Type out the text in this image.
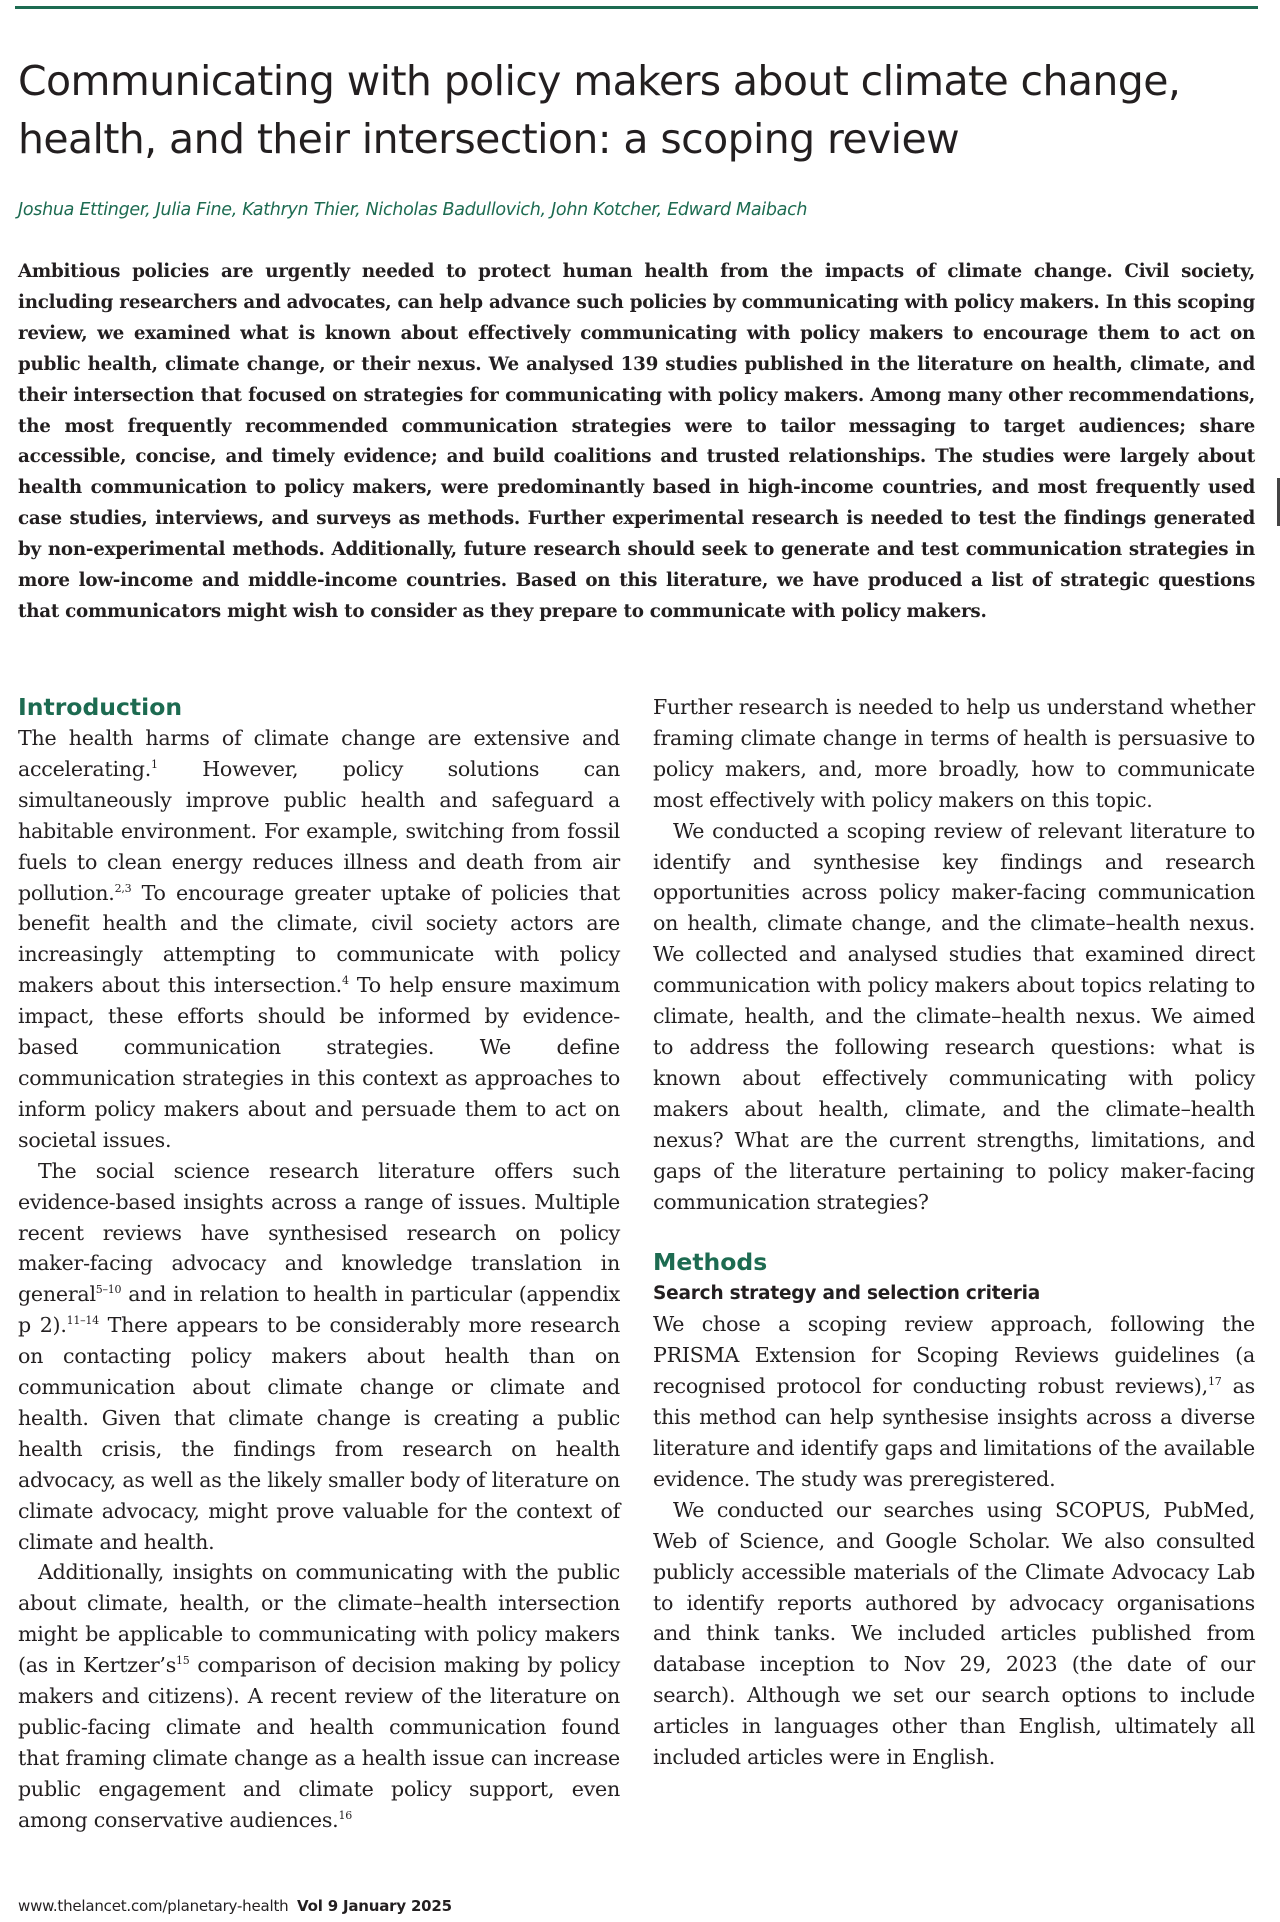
Communicating with policy makers about climate change, health, and their intersection: a scoping review
Joshua Ettinger, Julia Fine, Kathryn Thier, Nicholas Badullovich, John Kotcher, Edward Maibach

Ambitious policies are urgently needed to protect human health from the impacts of climate change. Civil society, including researchers and advocates, can help advance such policies by communicating with policy makers. In this scoping review, we examined what is known about effectively communicating with policy makers to encourage them to act on public health, climate change, or their nexus. We analysed 139 studies published in the literature on health, climate, and their intersection that focused on strategies for communicating with policy makers. Among many other recommendations, the most frequently recommended communication strategies were to tailor messaging to target audiences; share accessible, concise, and timely evidence; and build coalitions and trusted relationships. The studies were largely about health communication to policy makers, were predominantly based in high-income countries, and most frequently used case studies, interviews, and surveys as methods. Further experimental research is needed to test the findings generated by non-experimental methods. Additionally, future research should seek to generate and test communication strategies in more low-income and middle-income countries. Based on this literature, we have produced a list of strategic questions that communicators might wish to consider as they prepare to communicate with policy makers.

Introduction

The health harms of climate change are extensive and accelerating.$^1$ However, policy solutions can simultaneously improve public health and safeguard a habitable environment. For example, switching from fossil fuels to clean energy reduces illness and death from air pollution.$^{2,3}$ To encourage greater uptake of policies that benefit health and the climate, civil society actors are increasingly attempting to communicate with policy makers about this intersection.$^4$ To help ensure maximum impact, these efforts should be informed by evidence-based communication strategies. We define communication strategies in this context as approaches to inform policy makers about and persuade them to act on societal issues.

The social science research literature offers such evidence-based insights across a range of issues. Multiple recent reviews have synthesised research on policy maker-facing advocacy and knowledge translation in general$^{5-10}$ and in relation to health in particular (appendix p 2).$^{11-14}$ There appears to be considerably more research on contacting policy makers about health than on communication about climate change or climate and health. Given that climate change is creating a public health crisis, the findings from research on health advocacy, as well as the likely smaller body of literature on climate advocacy, might prove valuable for the context of climate and health.

Additionally, insights on communicating with the public about climate, health, or the climate–health intersection might be applicable to communicating with policy makers (as in $Kertzer’s^{15}$ comparison of decision making by policy makers and citizens). A recent review of the literature on public-facing climate and health communication found that framing climate change as a health issue can increase public engagement and climate policy support, even among conservative audiences.$^{16}$

Further research is needed to help us understand whether framing climate change in terms of health is persuasive to policy makers, and, more broadly, how to communicate most effectively with policy makers on this topic.

We conducted a scoping review of relevant literature to identify and synthesise key findings and research opportunities across policy maker-facing communication on health, climate change, and the climate–health nexus. We collected and analysed studies that examined direct communication with policy makers about topics relating to climate, health, and the climate–health nexus. We aimed to address the following research questions: what is known about effectively communicating with policy makers about health, climate, and the climate–health nexus? What are the current strengths, limitations, and gaps of the literature pertaining to policy maker-facing communication strategies?

Methods
Search strategy and selection criteria

We chose a scoping review approach, following the PRISMA Extension for Scoping Reviews guidelines (a recognised protocol for conducting robust reviews),$^{17}$ as this method can help synthesise insights across a diverse literature and identify gaps and limitations of the available evidence. The study was preregistered.

We conducted our searches using SCOPUS, PubMed, Web of Science, and Google Scholar. We also consulted publicly accessible materials of the Climate Advocacy Lab to identify reports authored by advocacy organisations and think tanks. We included articles published from database inception to Nov 29, 2023 (the date of our search). Although we set our search options to include articles in languages other than English, ultimately all included articles were in English.

www.thelancet.com/planetary-health Vol 9 January 2025
